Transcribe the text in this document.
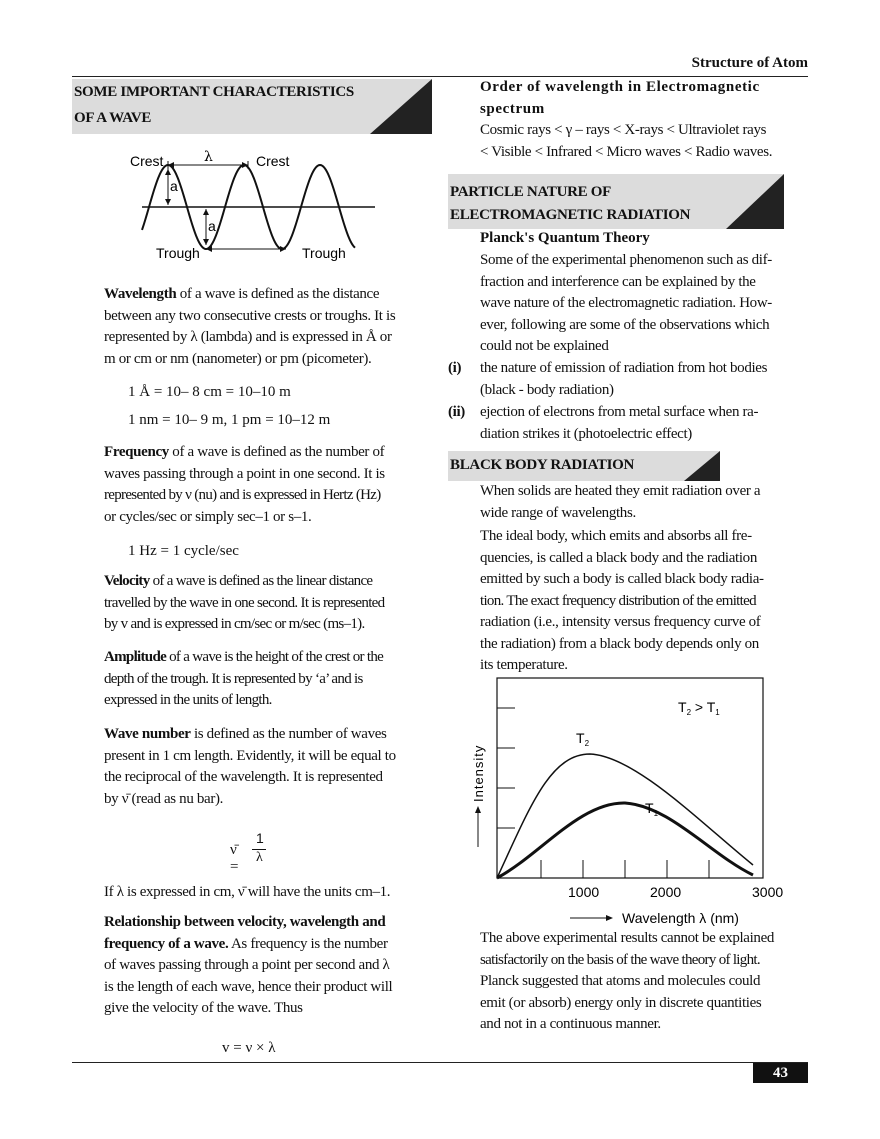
Structure of Atom
SOME IMPORTANT CHARACTERISTICS
OF A WAVE
Crest	Crest
λ
a
a
Trough	Trough
Wavelength of a wave is defined as the distance
between any two consecutive crests or troughs. It is
represented by λ (lambda) and is expressed in Å or
m or cm or nm (nanometer) or pm (picometer).
1 Å = 10– 8 cm = 10–10 m
1 nm = 10– 9 m, 1 pm = 10–12 m
Frequency of a wave is defined as the number of
waves passing through a point in one second. It is
represented by ν (nu) and is expressed in Hertz (Hz)
or cycles/sec or simply sec–1 or s–1.
1 Hz = 1 cycle/sec
Velocity of a wave is defined as the linear distance
travelled by the wave in one second. It is represented
by v and is expressed in cm/sec or m/sec (ms–1).
Amplitude of a wave is the height of the crest or the
depth of the trough. It is represented by ‘a’ and is
expressed in the units of length.
Wave number is defined as the number of waves
present in 1 cm length. Evidently, it will be equal to
the reciprocal of the wavelength. It is represented
by ν̄ (read as nu bar).
ν̄ =
1
λ
If λ is expressed in cm, ν̄ will have the units cm–1.
Relationship between velocity, wavelength and
frequency of a wave. As frequency is the number
of waves passing through a point per second and λ
is the length of each wave, hence their product will
give the velocity of the wave. Thus
v = ν × λ
Order of wavelength in Electromagnetic
spectrum
Cosmic rays < γ – rays < X-rays < Ultraviolet rays
< Visible < Infrared < Micro waves < Radio waves.
PARTICLE NATURE OF
ELECTROMAGNETIC RADIATION
Planck's Quantum Theory
Some of the experimental phenomenon such as dif-
fraction and interference can be explained by the
wave nature of the electromagnetic radiation. How-
ever, following are some of the observations which
could not be explained
(i) the nature of emission of radiation from hot bodies
(black - body radiation)
(ii) ejection of electrons from metal surface when ra-
diation strikes it (photoelectric effect)
BLACK BODY RADIATION
When solids are heated they emit radiation over a
wide range of wavelengths.
The ideal body, which emits and absorbs all fre-
quencies, is called a black body and the radiation
emitted by such a body is called black body radia-
tion. The exact frequency distribution of the emitted
radiation (i.e., intensity versus frequency curve of
the radiation) from a black body depends only on
its temperature.
$T_2 > T_1$
$T_2$
$T_1$
1000	2000	3000
Intensity
Wavelength λ (nm)
The above experimental results cannot be explained
satisfactorily on the basis of the wave theory of light.
Planck suggested that atoms and molecules could
emit (or absorb) energy only in discrete quantities
and not in a continuous manner.
43
